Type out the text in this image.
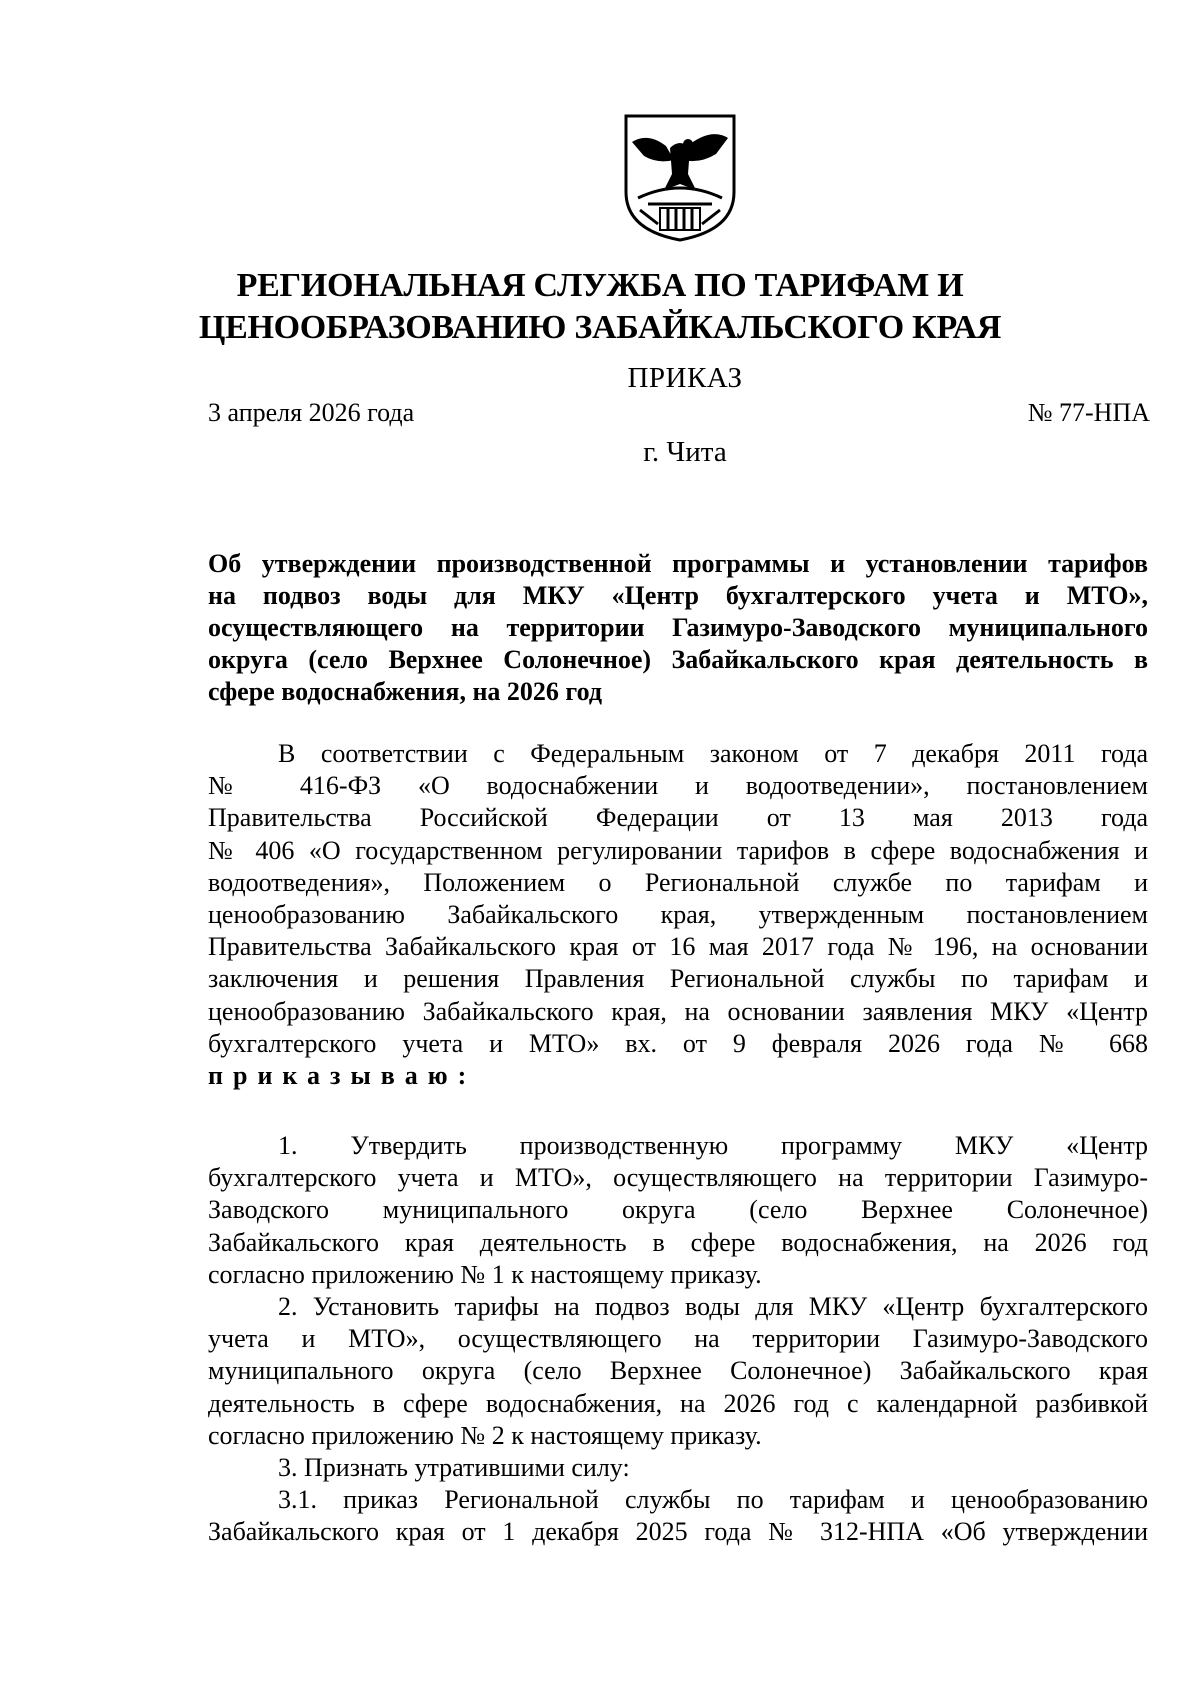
РЕГИОНАЛЬНАЯ СЛУЖБА ПО ТАРИФАМ И
ЦЕНООБРАЗОВАНИЮ ЗАБАЙКАЛЬСКОГО КРАЯ
ПРИКАЗ
3 апреля 2026 года	№ 77-НПА
г. Чита
Об утверждении производственной программы и установлении тарифов
на подвоз воды для МКУ «Центр бухгалтерского учета и МТО»,
осуществляющего на территории Газимуро-Заводского муниципального
округа (село Верхнее Солонечное) Забайкальского края деятельность в
сфере водоснабжения, на 2026 год
В соответствии с Федеральным законом от 7 декабря 2011 года
№ 416-ФЗ «О водоснабжении и водоотведении», постановлением
Правительства Российской Федерации от 13 мая 2013 года
№ 406 «О государственном регулировании тарифов в сфере водоснабжения и
водоотведения», Положением о Региональной службе по тарифам и
ценообразованию Забайкальского края, утвержденным постановлением
Правительства Забайкальского края от 16 мая 2017 года № 196, на основании
заключения и решения Правления Региональной службы по тарифам и
ценообразованию Забайкальского края, на основании заявления МКУ «Центр
бухгалтерского учета и МТО» вх. от 9 февраля 2026 года № 668
приказываю:
1. Утвердить производственную программу МКУ «Центр
бухгалтерского учета и МТО», осуществляющего на территории Газимуро-
Заводского муниципального округа (село Верхнее Солонечное)
Забайкальского края деятельность в сфере водоснабжения, на 2026 год
согласно приложению № 1 к настоящему приказу.
2. Установить тарифы на подвоз воды для МКУ «Центр бухгалтерского
учета и МТО», осуществляющего на территории Газимуро-Заводского
муниципального округа (село Верхнее Солонечное) Забайкальского края
деятельность в сфере водоснабжения, на 2026 год с календарной разбивкой
согласно приложению № 2 к настоящему приказу.
3. Признать утратившими силу:
3.1. приказ Региональной службы по тарифам и ценообразованию
Забайкальского края от 1 декабря 2025 года № 312-НПА «Об утверждении
